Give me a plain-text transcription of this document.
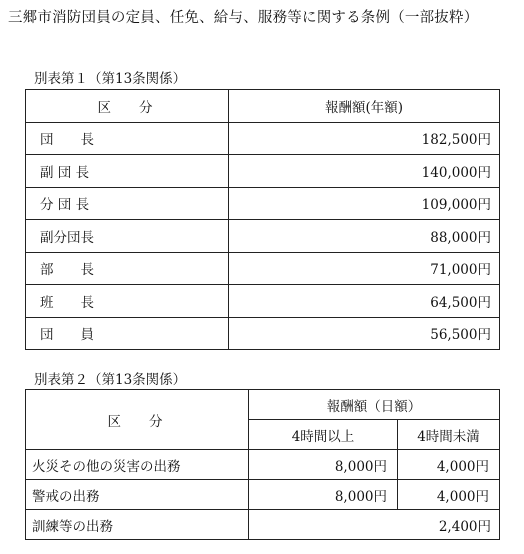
三郷市消防団員の定員、任免、給与、服務等に関する条例（一部抜粋）
別表第１（第13条関係）
区分	報酬額(年額)
団　　長	182,500円
副 団 長	140,000円
分 団 長	109,000円
副分団長	88,000円
部　　長	71,000円
班　　長	64,500円
団　　員	56,500円
別表第２（第13条関係）
区分	報酬額（日額）	
	4時間以上	4時間未満
火災その他の災害の出務	8,000円	4,000円
警戒の出務	8,000円	4,000円
訓練等の出務	2,400円	
